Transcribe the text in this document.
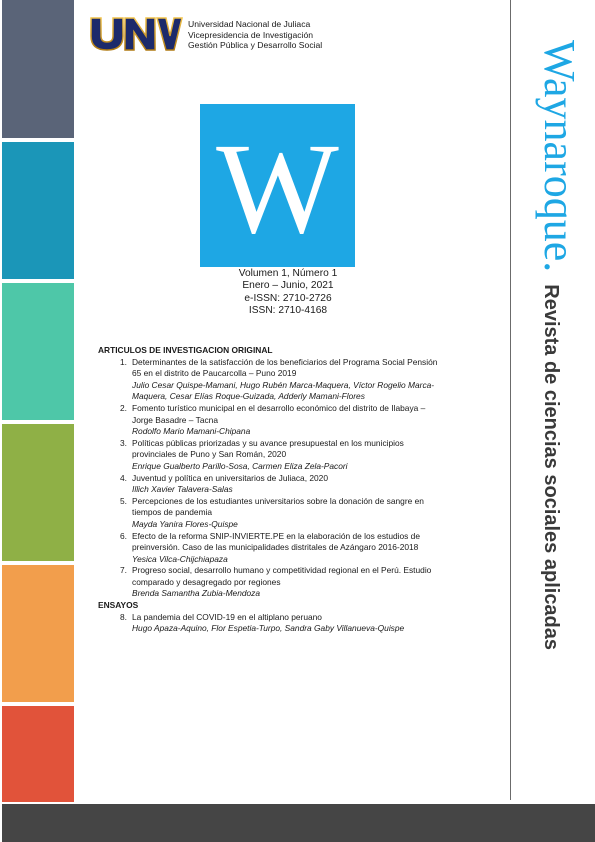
Universidad Nacional de Juliaca
Vicepresidencia de Investigación
Gestión Pública y Desarrollo Social
W
Volumen 1, Número 1
Enero – Junio, 2021
e-ISSN: 2710-2726
ISSN: 2710-4168
ARTICULOS DE INVESTIGACION ORIGINAL
1. Determinantes de la satisfacción de los beneficiarios del Programa Social Pensión
65 en el distrito de Paucarcolla – Puno 2019
Julio Cesar Quispe-Mamani, Hugo Rubén Marca-Maquera, Víctor Rogelio Marca-
Maquera, Cesar Elías Roque-Guizada, Adderly Mamani-Flores
2. Fomento turístico municipal en el desarrollo económico del distrito de Ilabaya –
Jorge Basadre – Tacna
Rodolfo Mario Mamani-Chipana
3. Políticas públicas priorizadas y su avance presupuestal en los municipios
provinciales de Puno y San Román, 2020
Enrique Gualberto Parillo-Sosa, Carmen Eliza Zela-Pacori
4. Juventud y política en universitarios de Juliaca, 2020
Illich Xavier Talavera-Salas
5. Percepciones de los estudiantes universitarios sobre la donación de sangre en
tiempos de pandemia
Mayda Yanira Flores-Quispe
6. Efecto de la reforma SNIP-INVIERTE.PE en la elaboración de los estudios de
preinversión. Caso de las municipalidades distritales de Azángaro 2016-2018
Yesica Vilca-Chijchiapaza
7. Progreso social, desarrollo humano y competitividad regional en el Perú. Estudio
comparado y desagregado por regiones
Brenda Samantha Zubia-Mendoza
ENSAYOS
8. La pandemia del COVID-19 en el altiplano peruano
Hugo Apaza-Aquino, Flor Espetia-Turpo, Sandra Gaby Villanueva-Quispe
Waynaroque.Revista de ciencias sociales aplicadas
